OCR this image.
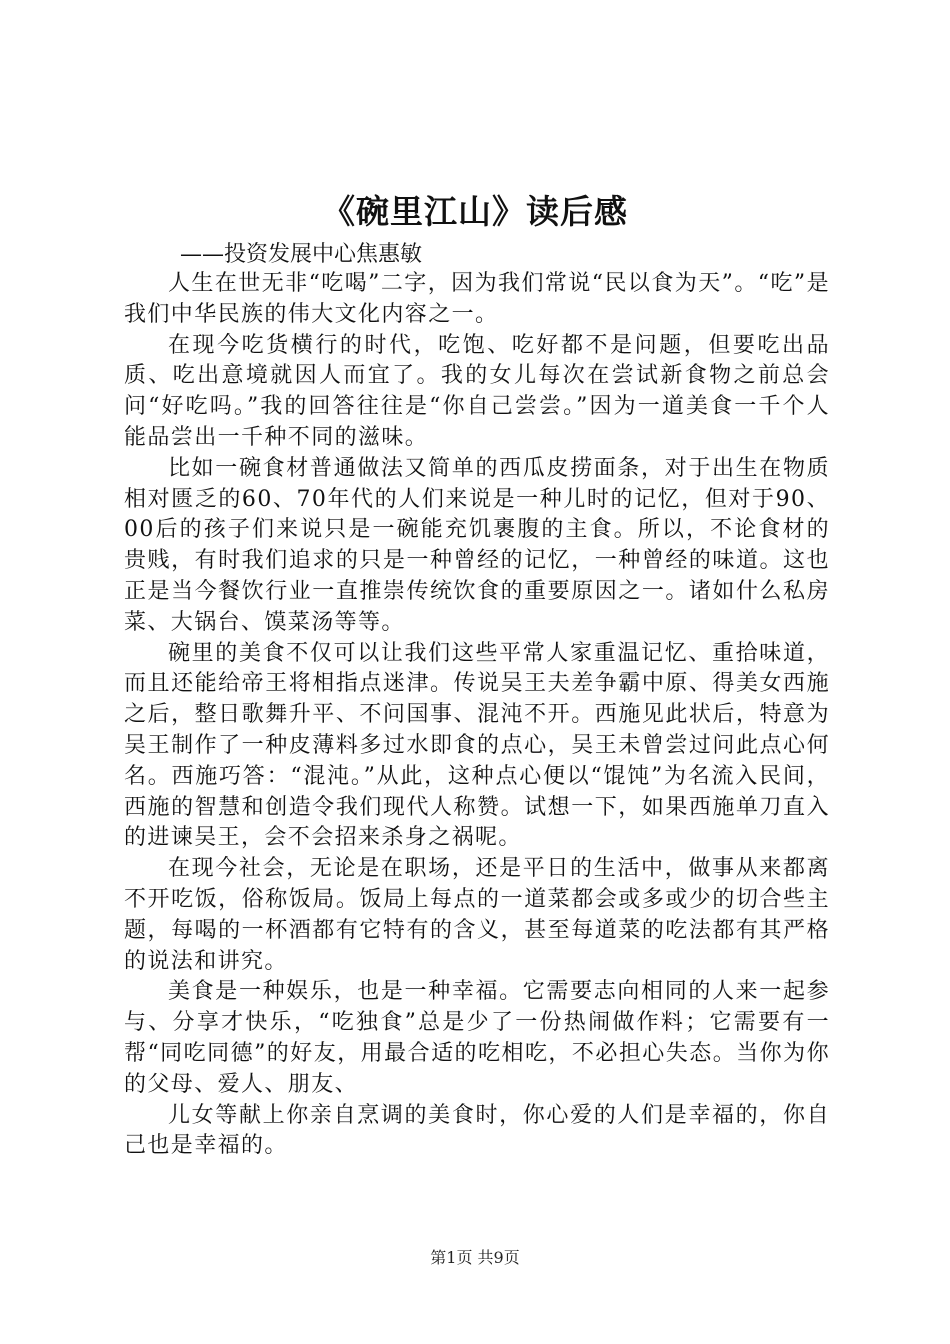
《碗里江山》读后感
——投资发展中心焦惠敏

人生在世无非“吃喝”二字，因为我们常说“民以食为天”。“吃”是我们中华民族的伟大文化内容之一。

在现今吃货横行的时代，吃饱、吃好都不是问题，但要吃出品质、吃出意境就因人而宜了。我的女儿每次在尝试新食物之前总会问“好吃吗。”我的回答往往是“你自己尝尝。”因为一道美食一千个人能品尝出一千种不同的滋味。

比如一碗食材普通做法又简单的西瓜皮捞面条，对于出生在物质相对匮乏的60、70年代的人们来说是一种儿时的记忆，但对于90、00后的孩子们来说只是一碗能充饥裹腹的主食。所以，不论食材的贵贱，有时我们追求的只是一种曾经的记忆，一种曾经的味道。这也正是当今餐饮行业一直推崇传统饮食的重要原因之一。诸如什么私房菜、大锅台、馍菜汤等等。

碗里的美食不仅可以让我们这些平常人家重温记忆、重拾味道，而且还能给帝王将相指点迷津。传说吴王夫差争霸中原、得美女西施之后，整日歌舞升平、不问国事、混沌不开。西施见此状后，特意为吴王制作了一种皮薄料多过水即食的点心，吴王未曾尝过问此点心何名。西施巧答：“混沌。”从此，这种点心便以“馄饨”为名流入民间，西施的智慧和创造令我们现代人称赞。试想一下，如果西施单刀直入的进谏吴王，会不会招来杀身之祸呢。

在现今社会，无论是在职场，还是平日的生活中，做事从来都离不开吃饭，俗称饭局。饭局上每点的一道菜都会或多或少的切合些主题，每喝的一杯酒都有它特有的含义，甚至每道菜的吃法都有其严格的说法和讲究。

美食是一种娱乐，也是一种幸福。它需要志向相同的人来一起参与、分享才快乐，“吃独食”总是少了一份热闹做作料；它需要有一帮“同吃同德”的好友，用最合适的吃相吃，不必担心失态。当你为你的父母、爱人、朋友、

儿女等献上你亲自烹调的美食时，你心爱的人们是幸福的，你自己也是幸福的。

第1页 共9页
